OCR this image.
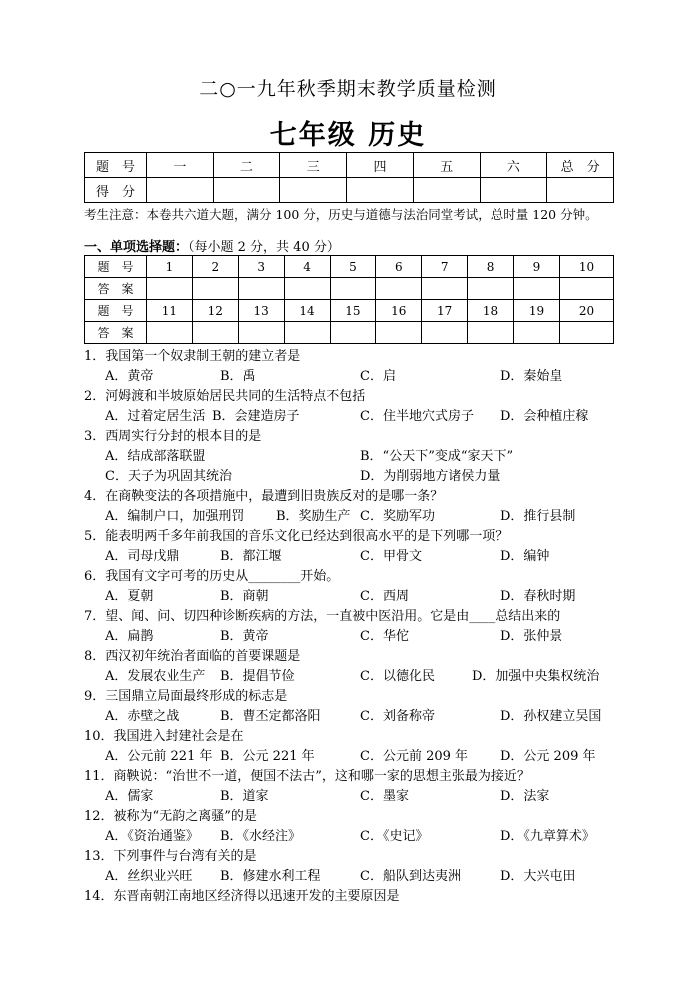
二○一九年秋季期末教学质量检测
七年级 历史
题　号	一	二	三	四	五	六	总　分
得　分							
考生注意：本卷共六道大题，满分 100 分，历史与道德与法治同堂考试，总时量 120 分钟。
一、单项选择题：（每小题 2 分，共 40 分）
题　号	1	2	3	4	5	6	7	8	9	10
答　案										
题　号	11	12	13	14	15	16	17	18	19	20
答　案										
1．我国第一个奴隶制王朝的建立者是
A．黄帝	B．禹	C．启	D．秦始皇
2．河姆渡和半坡原始居民共同的生活特点不包括
A．过着定居生活 B．会建造房子	C．住半地穴式房子 D．会种植庄稼
3．西周实行分封的根本目的是
A．结成部落联盟	B．“公天下”变成“家天下”
C．天子为巩固其统治	D．为削弱地方诸侯力量
4．在商鞅变法的各项措施中，最遭到旧贵族反对的是哪一条？
A．编制户口，加强刑罚 B．奖励生产 C．奖励军功	D．推行县制
5．能表明两千多年前我国的音乐文化已经达到很高水平的是下列哪一项？
A．司母戊鼎	B．都江堰	C．甲骨文	D．编钟
6．我国有文字可考的历史从________开始。
A．夏朝	B．商朝	C．西周	D．春秋时期
7．望、闻、问、切四种诊断疾病的方法，一直被中医沿用。它是由____总结出来的
A．扁鹊	B．黄帝	C．华佗	D．张仲景
8．西汉初年统治者面临的首要课题是
A．发展农业生产 B．提倡节俭	C．以德化民	D．加强中央集权统治
9．三国鼎立局面最终形成的标志是
A．赤壁之战	B．曹丕定都洛阳	C．刘备称帝	D．孙权建立吴国
10．我国进入封建社会是在
A．公元前 221 年 B．公元 221 年	C．公元前 209 年 D．公元 209 年
11．商鞅说：“治世不一道，便国不法古”，这和哪一家的思想主张最为接近？
A．儒家	B．道家	C．墨家	D．法家
12．被称为“无韵之离骚”的是
A．《资治通鉴》 B．《水经注》	C．《史记》	D．《九章算术》
13．下列事件与台湾有关的是
A．丝织业兴旺 B．修建水利工程	C．船队到达夷洲	D．大兴屯田
14．东晋南朝江南地区经济得以迅速开发的主要原因是
